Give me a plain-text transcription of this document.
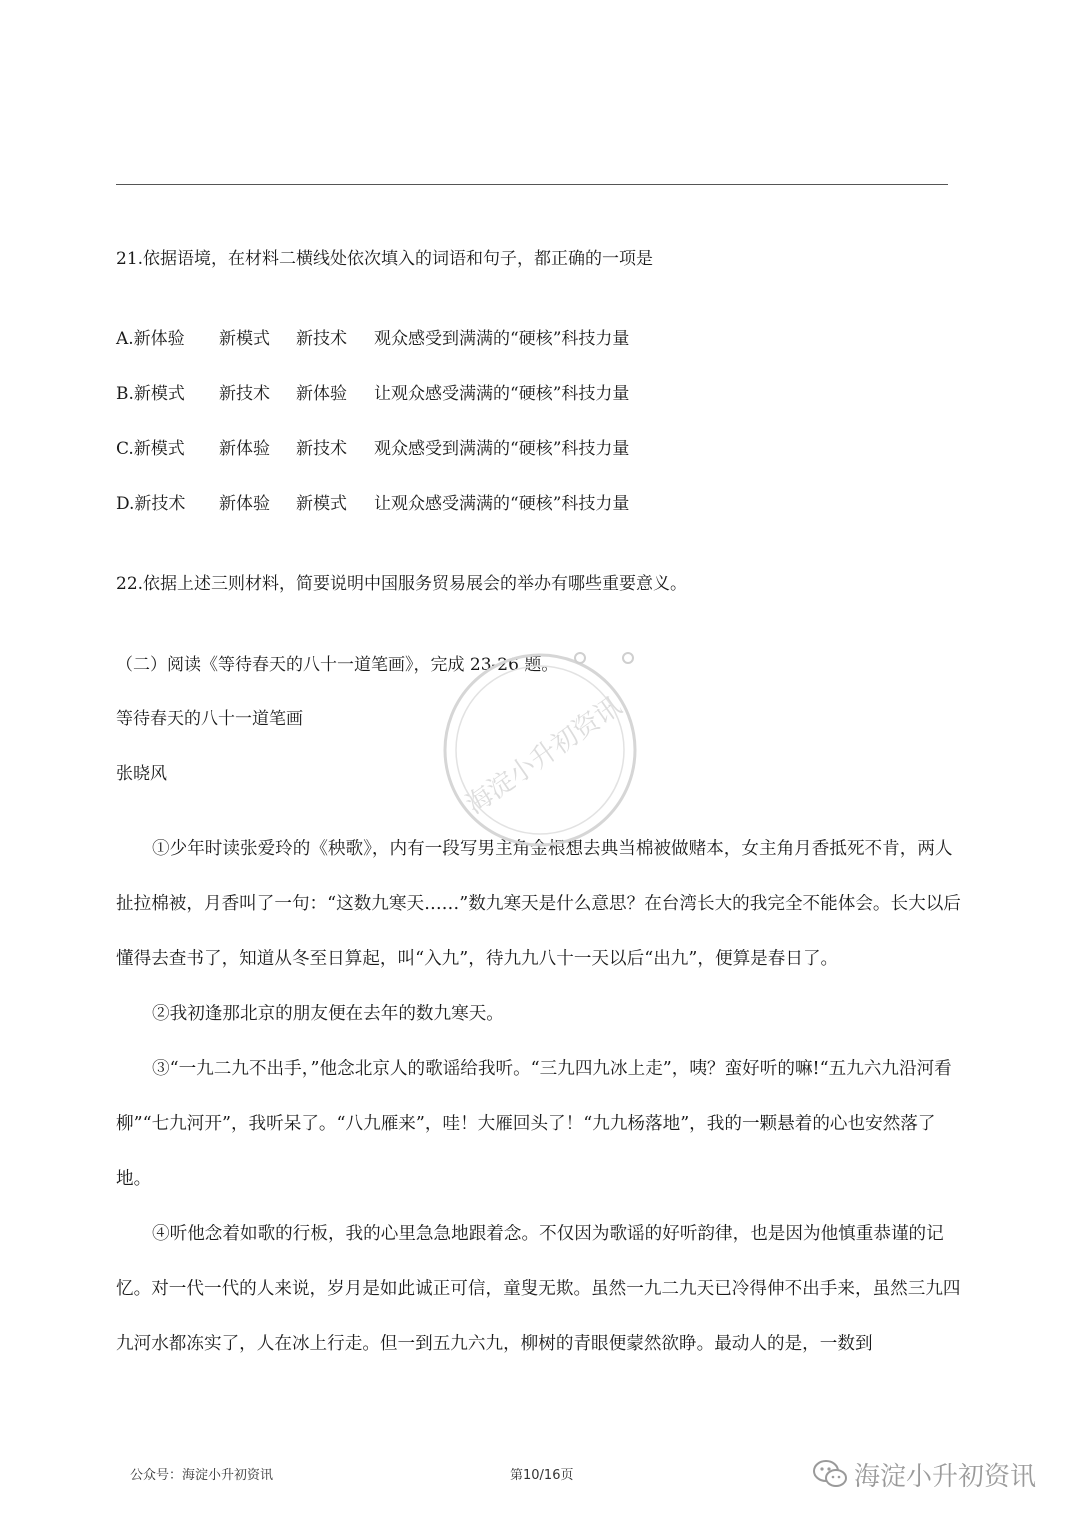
21.依据语境，在材料二横线处依次填入的词语和句子，都正确的一项是
A.新体验 新模式 新技术 观众感受到满满的“硬核”科技力量
B.新模式 新技术 新体验 让观众感受满满的“硬核”科技力量
C.新模式 新体验 新技术 观众感受到满满的“硬核”科技力量
D.新技术 新体验 新模式 让观众感受满满的“硬核”科技力量
22.依据上述三则材料，简要说明中国服务贸易展会的举办有哪些重要意义。
（二）阅读《等待春天的八十一道笔画》，完成 23-26 题。
等待春天的八十一道笔画
张晓风
①少年时读张爱玲的《秧歌》，内有一段写男主角金根想去典当棉被做赌本，女主角月香抵死不肯，两人扯拉棉被，月香叫了一句：“这数九寒天……”数九寒天是什么意思？在台湾长大的我完全不能体会。长大以后懂得去查书了，知道从冬至日算起，叫“入九”，待九九八十一天以后“出九”，便算是春日了。
②我初逢那北京的朋友便在去年的数九寒天。
③“一九二九不出手，”他念北京人的歌谣给我听。“三九四九冰上走”，咦？蛮好听的嘛!“五九六九沿河看柳”“七九河开”，我听呆了。“八九雁来”，哇！大雁回头了！“九九杨落地”，我的一颗悬着的心也安然落了地。
④听他念着如歌的行板，我的心里急急地跟着念。不仅因为歌谣的好听韵律，也是因为他慎重恭谨的记忆。对一代一代的人来说，岁月是如此诚正可信，童叟无欺。虽然一九二九天已冷得伸不出手来，虽然三九四九河水都冻实了，人在冰上行走。但一到五九六九，柳树的青眼便蒙然欲睁。最动人的是，一数到
海淀小升初资讯
公众号：海淀小升初资讯	第10/16页	海淀小升初资讯
